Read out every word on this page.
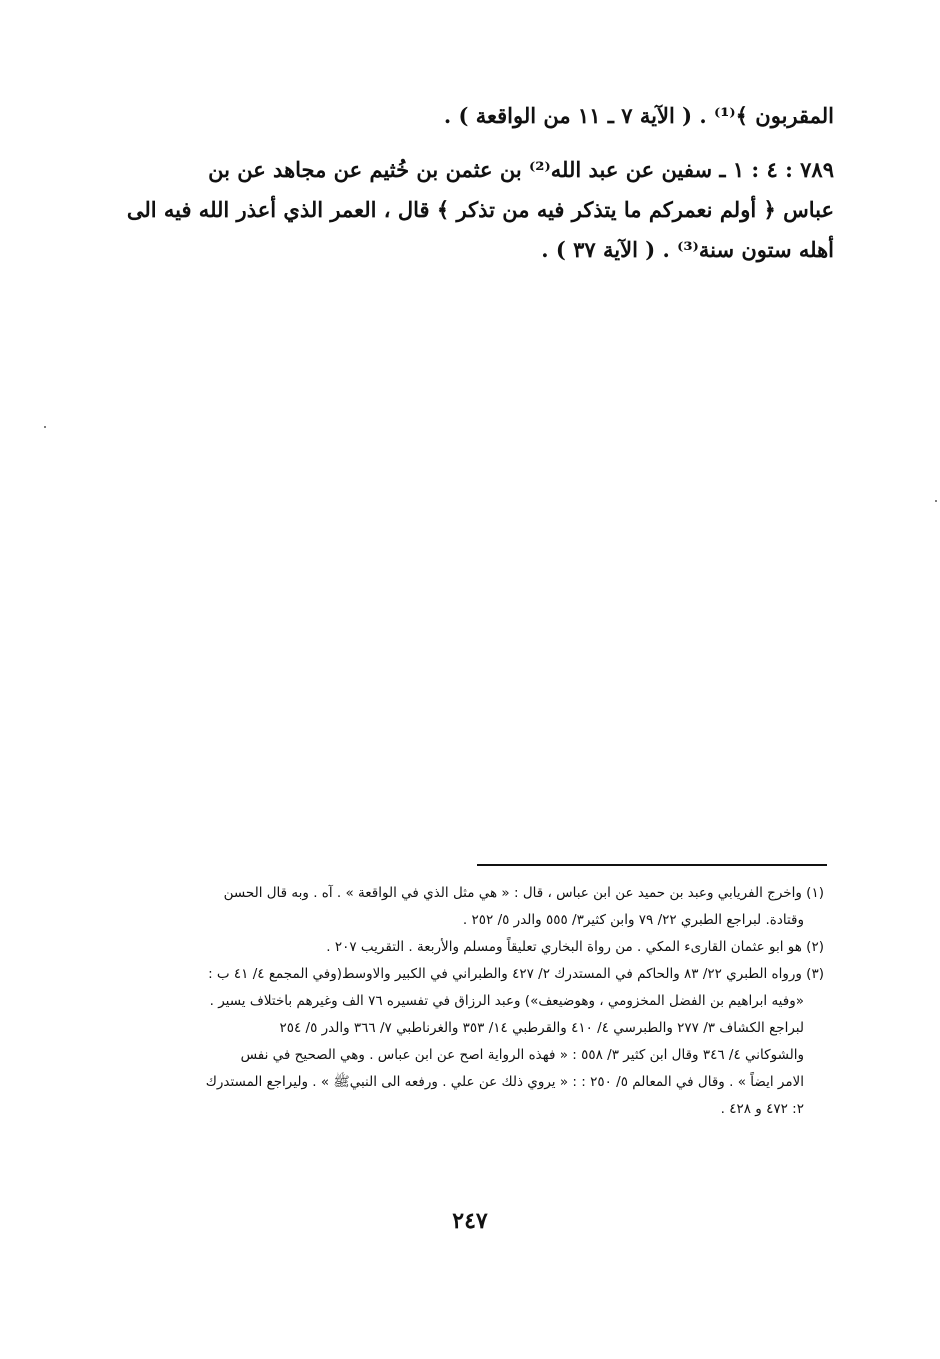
المقربون ﴾⁽¹⁾ . ( الآية ٧ ـ ١١ من الواقعة ) .

٧٨٩ : ٤ : ١ ـ سفين عن عبد الله⁽²⁾ بن عثمن بن خُثيم عن مجاهد عن بن
عباس ﴿ أولم نعمركم ما يتذكر فيه من تذكر ﴾ قال ، العمر الذي أعذر الله فيه الى
أهله ستون سنة⁽³⁾ . ( الآية ٣٧ ) .
(١) واخرج الفريابي وعبد بن حميد عن ابن عباس ، قال : « هي مثل الذي في الواقعة » . آه . وبه قال الحسن
وقتادة. لبراجع الطبري ٢٢/ ٧٩ وابن كثير٣/ ٥٥٥ والدر ٥/ ٢٥٢ .
(٢) هو ابو عثمان القارىء المكي . من رواة البخاري تعليقاً ومسلم والأربعة . التقريب ٢٠٧ .
(٣) ورواه الطبري ٢٢/ ٨٣ والحاكم في المستدرك ٢/ ٤٢٧ والطبراني في الكبير والاوسط(وفي المجمع ٤/ ٤١ ب :
«وفيه ابراهيم بن الفضل المخزومي ، وهوضيعف») وعبد الرزاق في تفسيره ٧٦ الف وغيرهم باختلاف يسير .
لبراجع الكشاف ٣/ ٢٧٧ والطبرسي ٤/ ٤١٠ والقرطبي ١٤/ ٣٥٣ والغرناطبي ٧/ ٣٦٦ والدر ٥/ ٢٥٤
والشوكاني ٤/ ٣٤٦ وقال ابن كثير ٣/ ٥٥٨ : « فهذه الرواية اصح عن ابن عباس . وهي الصحيح في نفس
الامر ايضاً » . وقال في المعالم ٥/ ٢٥٠ : : « يروي ذلك عن علي . ورفعه الى النبيﷺ » . وليراجع المستدرك
٢: ٤٧٢ و ٤٢٨ .
٢٤٧
